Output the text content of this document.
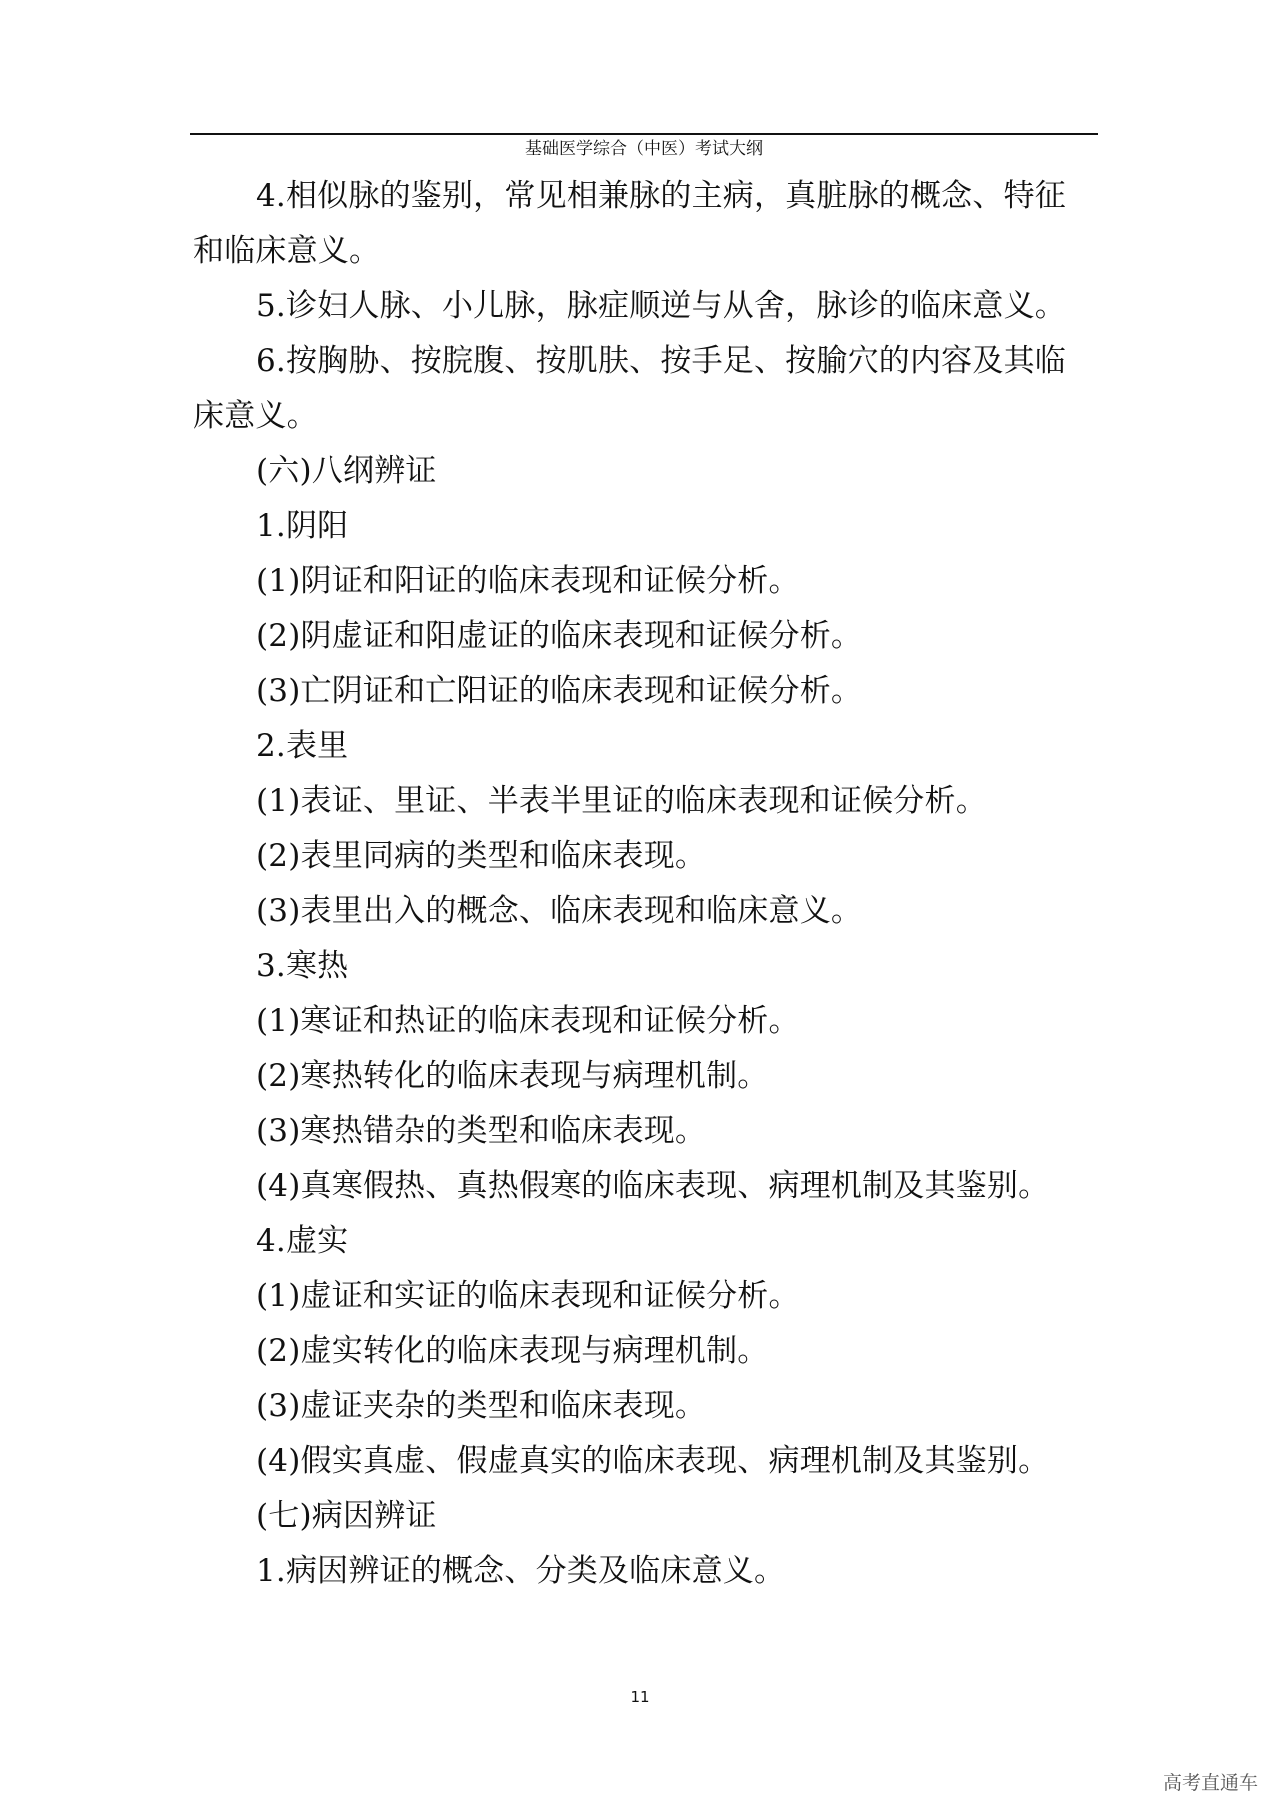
基础医学综合（中医）考试大纲
4.相似脉的鉴别，常见相兼脉的主病，真脏脉的概念、特征
和临床意义。
5.诊妇人脉、小儿脉，脉症顺逆与从舍，脉诊的临床意义。
6.按胸胁、按脘腹、按肌肤、按手足、按腧穴的内容及其临
床意义。
(六)八纲辨证
1.阴阳
(1)阴证和阳证的临床表现和证候分析。
(2)阴虚证和阳虚证的临床表现和证候分析。
(3)亡阴证和亡阳证的临床表现和证候分析。
2.表里
(1)表证、里证、半表半里证的临床表现和证候分析。
(2)表里同病的类型和临床表现。
(3)表里出入的概念、临床表现和临床意义。
3.寒热
(1)寒证和热证的临床表现和证候分析。
(2)寒热转化的临床表现与病理机制。
(3)寒热错杂的类型和临床表现。
(4)真寒假热、真热假寒的临床表现、病理机制及其鉴别。
4.虚实
(1)虚证和实证的临床表现和证候分析。
(2)虚实转化的临床表现与病理机制。
(3)虚证夹杂的类型和临床表现。
(4)假实真虚、假虚真实的临床表现、病理机制及其鉴别。
(七)病因辨证
1.病因辨证的概念、分类及临床意义。
11
高考直通车
